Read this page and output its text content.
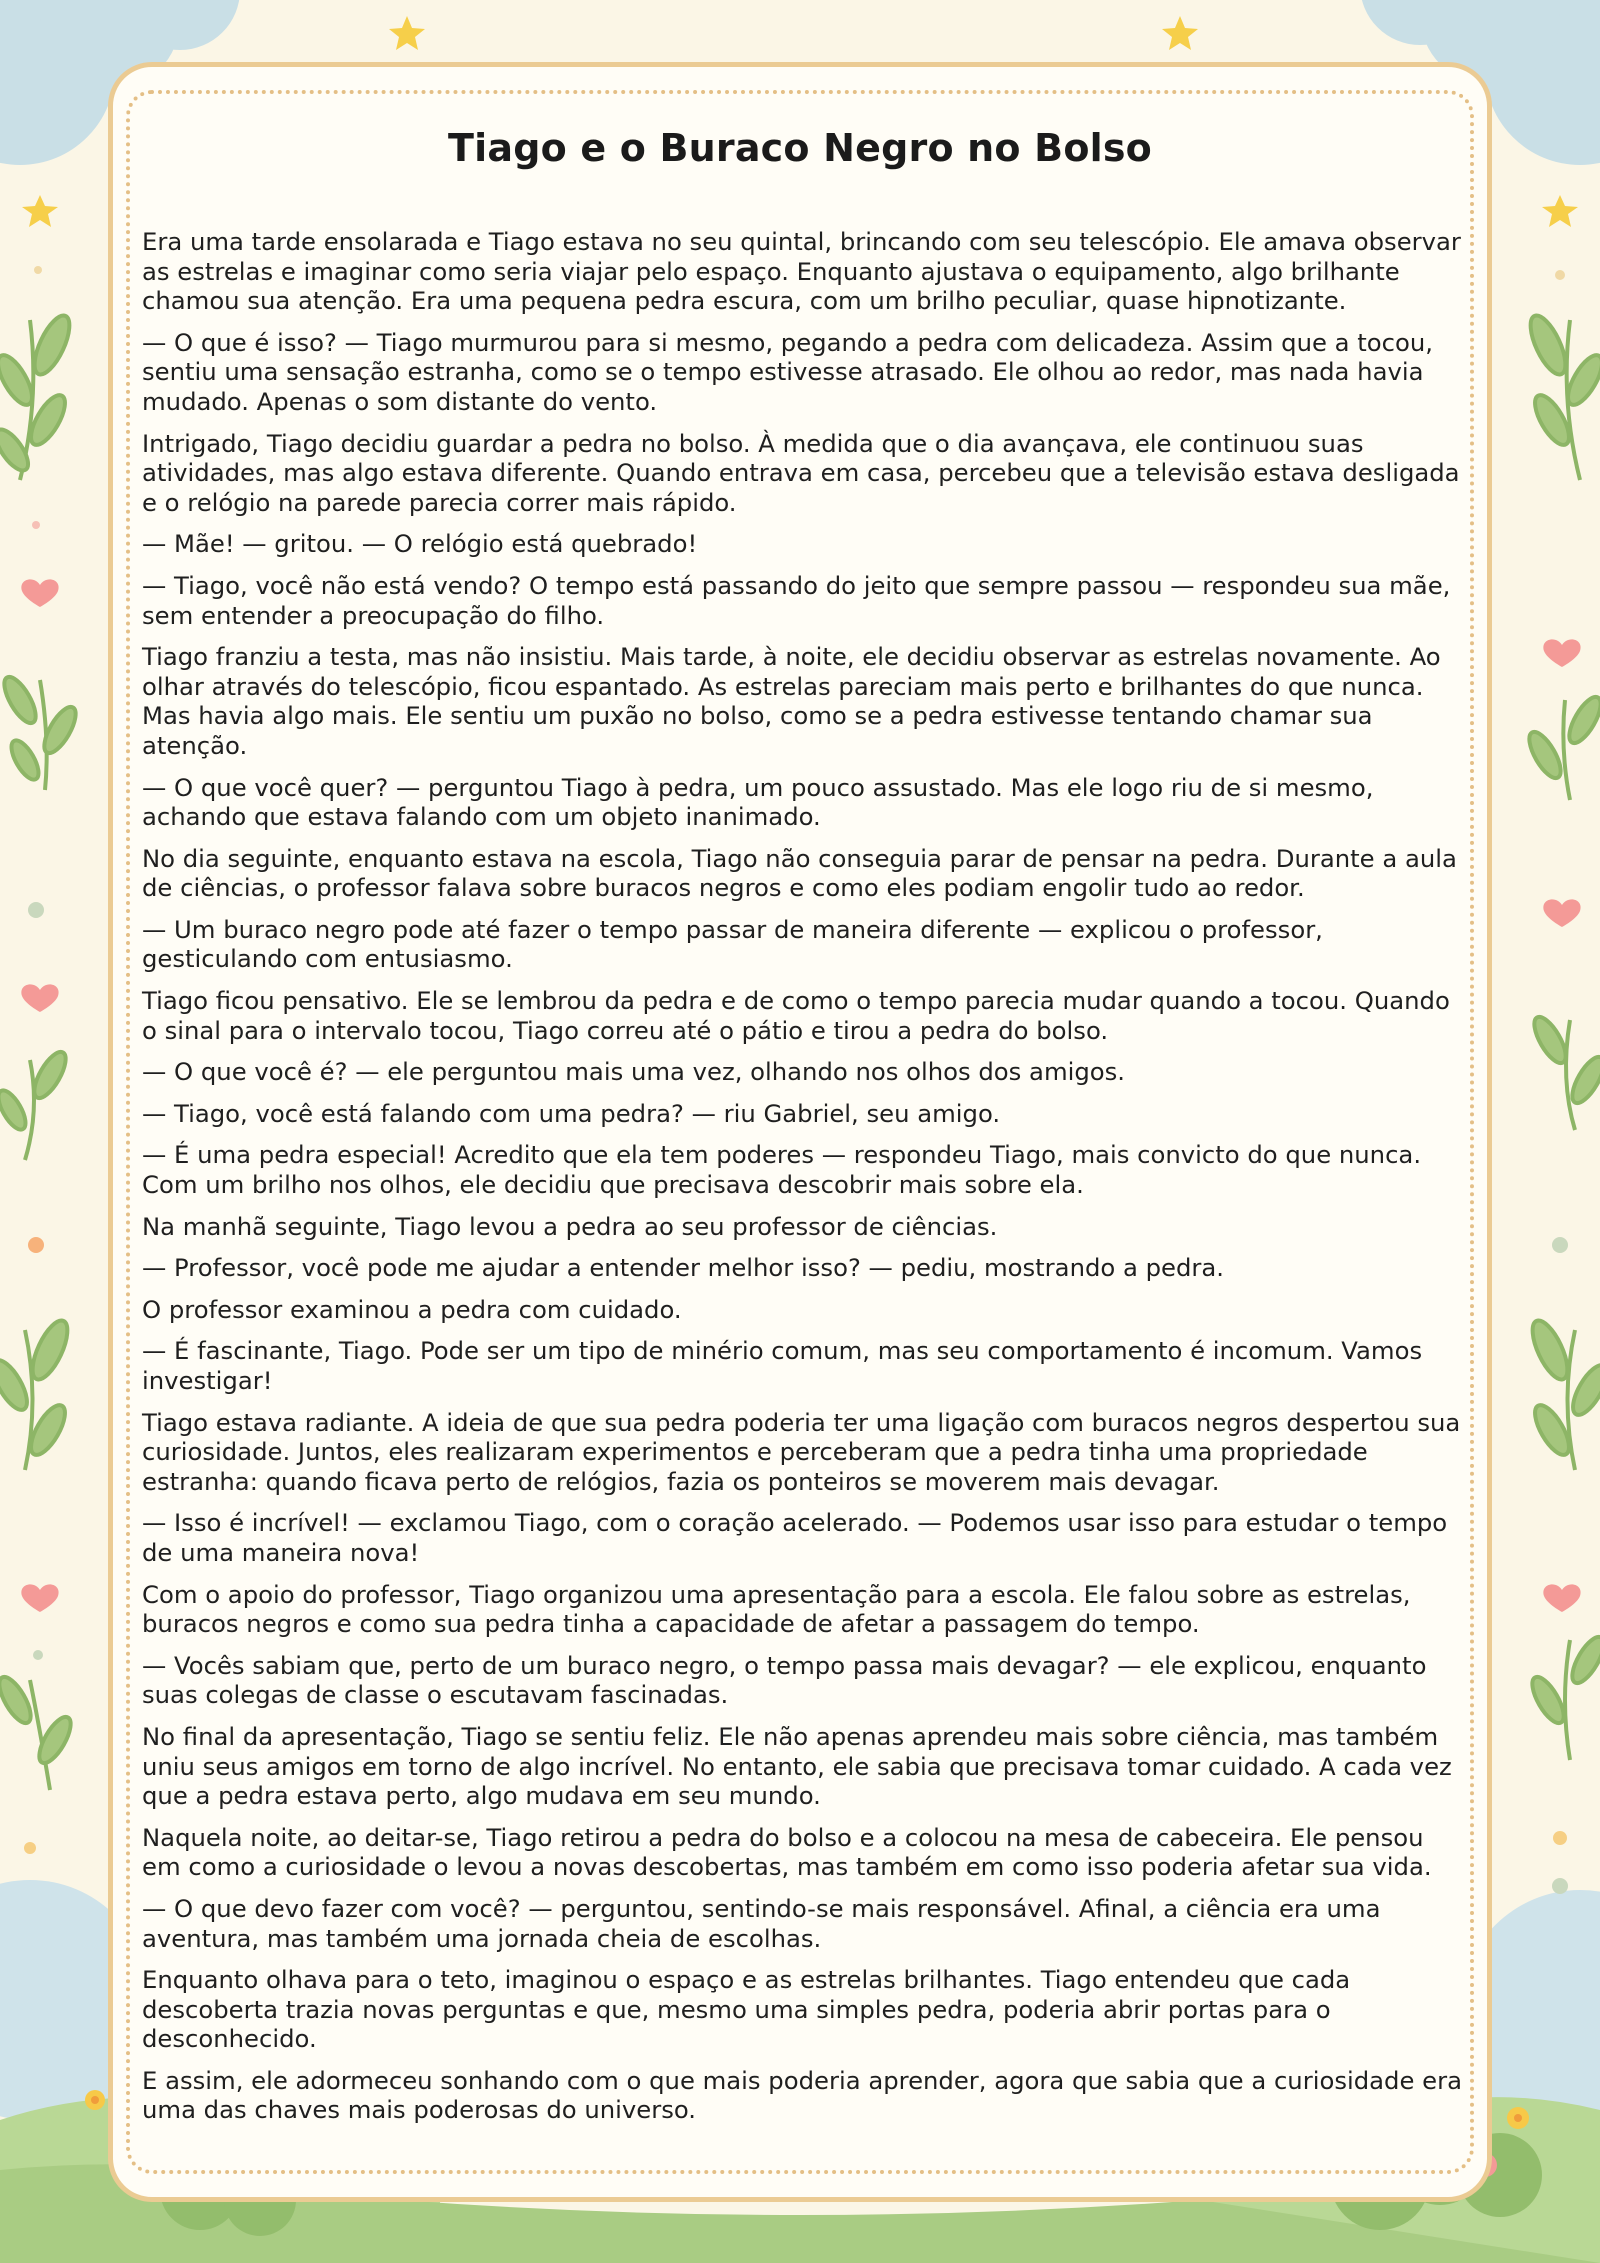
Tiago e o Buraco Negro no Bolso

Era uma tarde ensolarada e Tiago estava no seu quintal, brincando com seu telescópio. Ele amava observar as estrelas e imaginar como seria viajar pelo espaço. Enquanto ajustava o equipamento, algo brilhante chamou sua atenção. Era uma pequena pedra escura, com um brilho peculiar, quase hipnotizante.

— O que é isso? — Tiago murmurou para si mesmo, pegando a pedra com delicadeza. Assim que a tocou, sentiu uma sensação estranha, como se o tempo estivesse atrasado. Ele olhou ao redor, mas nada havia mudado. Apenas o som distante do vento.

Intrigado, Tiago decidiu guardar a pedra no bolso. À medida que o dia avançava, ele continuou suas atividades, mas algo estava diferente. Quando entrava em casa, percebeu que a televisão estava desligada e o relógio na parede parecia correr mais rápido.

— Mãe! — gritou. — O relógio está quebrado!

— Tiago, você não está vendo? O tempo está passando do jeito que sempre passou — respondeu sua mãe, sem entender a preocupação do filho.

Tiago franziu a testa, mas não insistiu. Mais tarde, à noite, ele decidiu observar as estrelas novamente. Ao olhar através do telescópio, ficou espantado. As estrelas pareciam mais perto e brilhantes do que nunca. Mas havia algo mais. Ele sentiu um puxão no bolso, como se a pedra estivesse tentando chamar sua atenção.

— O que você quer? — perguntou Tiago à pedra, um pouco assustado. Mas ele logo riu de si mesmo, achando que estava falando com um objeto inanimado.

No dia seguinte, enquanto estava na escola, Tiago não conseguia parar de pensar na pedra. Durante a aula de ciências, o professor falava sobre buracos negros e como eles podiam engolir tudo ao redor.

— Um buraco negro pode até fazer o tempo passar de maneira diferente — explicou o professor, gesticulando com entusiasmo.

Tiago ficou pensativo. Ele se lembrou da pedra e de como o tempo parecia mudar quando a tocou. Quando o sinal para o intervalo tocou, Tiago correu até o pátio e tirou a pedra do bolso.

— O que você é? — ele perguntou mais uma vez, olhando nos olhos dos amigos.

— Tiago, você está falando com uma pedra? — riu Gabriel, seu amigo.

— É uma pedra especial! Acredito que ela tem poderes — respondeu Tiago, mais convicto do que nunca. Com um brilho nos olhos, ele decidiu que precisava descobrir mais sobre ela.

Na manhã seguinte, Tiago levou a pedra ao seu professor de ciências.

— Professor, você pode me ajudar a entender melhor isso? — pediu, mostrando a pedra.

O professor examinou a pedra com cuidado.

— É fascinante, Tiago. Pode ser um tipo de minério comum, mas seu comportamento é incomum. Vamos investigar!

Tiago estava radiante. A ideia de que sua pedra poderia ter uma ligação com buracos negros despertou sua curiosidade. Juntos, eles realizaram experimentos e perceberam que a pedra tinha uma propriedade estranha: quando ficava perto de relógios, fazia os ponteiros se moverem mais devagar.

— Isso é incrível! — exclamou Tiago, com o coração acelerado. — Podemos usar isso para estudar o tempo de uma maneira nova!

Com o apoio do professor, Tiago organizou uma apresentação para a escola. Ele falou sobre as estrelas, buracos negros e como sua pedra tinha a capacidade de afetar a passagem do tempo.

— Vocês sabiam que, perto de um buraco negro, o tempo passa mais devagar? — ele explicou, enquanto suas colegas de classe o escutavam fascinadas.

No final da apresentação, Tiago se sentiu feliz. Ele não apenas aprendeu mais sobre ciência, mas também uniu seus amigos em torno de algo incrível. No entanto, ele sabia que precisava tomar cuidado. A cada vez que a pedra estava perto, algo mudava em seu mundo.

Naquela noite, ao deitar-se, Tiago retirou a pedra do bolso e a colocou na mesa de cabeceira. Ele pensou em como a curiosidade o levou a novas descobertas, mas também em como isso poderia afetar sua vida.

— O que devo fazer com você? — perguntou, sentindo-se mais responsável. Afinal, a ciência era uma aventura, mas também uma jornada cheia de escolhas.

Enquanto olhava para o teto, imaginou o espaço e as estrelas brilhantes. Tiago entendeu que cada descoberta trazia novas perguntas e que, mesmo uma simples pedra, poderia abrir portas para o desconhecido.

E assim, ele adormeceu sonhando com o que mais poderia aprender, agora que sabia que a curiosidade era uma das chaves mais poderosas do universo.
